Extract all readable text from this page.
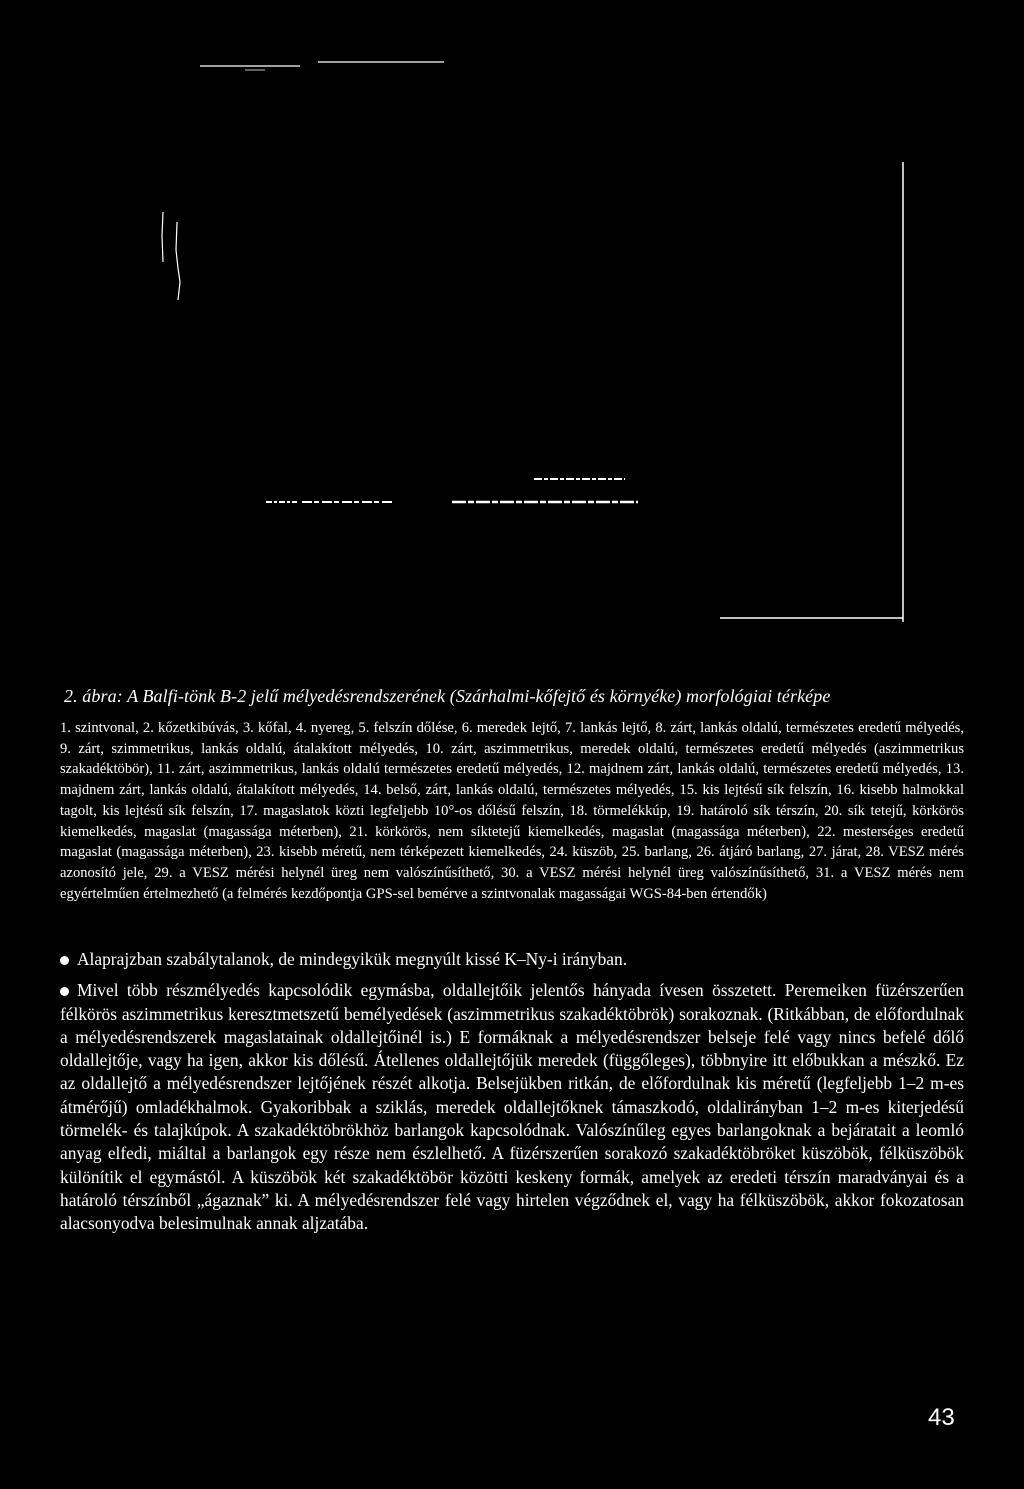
2. ábra: A Balfi-tönk B-2 jelű mélyedésrendszerének (Szárhalmi-kőfejtő és környéke) morfológiai térképe
1. szintvonal, 2. kőzetkibúvás, 3. kőfal, 4. nyereg, 5. felszín dőlése, 6. meredek lejtő, 7. lankás lejtő, 8. zárt, lankás oldalú, természetes eredetű mélyedés, 9. zárt, szimmetrikus, lankás oldalú, átalakított mélyedés, 10. zárt, aszimmetrikus, meredek oldalú, természetes eredetű mélyedés (aszimmetrikus szakadéktöbör), 11. zárt, aszimmetrikus, lankás oldalú természetes eredetű mélyedés, 12. majdnem zárt, lankás oldalú, természetes eredetű mélyedés, 13. majdnem zárt, lankás oldalú, átalakított mélyedés, 14. belső, zárt, lankás oldalú, természetes mélyedés, 15. kis lejtésű sík felszín, 16. kisebb halmokkal tagolt, kis lejtésű sík felszín, 17. magaslatok közti legfeljebb 10°-os dőlésű felszín, 18. törmelékkúp, 19. határoló sík térszín, 20. sík tetejű, körkörös kiemelkedés, magaslat (magassága méterben), 21. körkörös, nem síktetejű kiemelkedés, magaslat (magassága méterben), 22. mesterséges eredetű magaslat (magassága méterben), 23. kisebb méretű, nem térképezett kiemelkedés, 24. küszöb, 25. barlang, 26. átjáró barlang, 27. járat, 28. VESZ mérés azonosító jele, 29. a VESZ mérési helynél üreg nem valószínűsíthető, 30. a VESZ mérési helynél üreg valószínűsíthető, 31. a VESZ mérés nem egyértelműen értelmezhető (a felmérés kezdőpontja GPS-sel bemérve a szintvonalak magasságai WGS-84-ben értendők)
Alaprajzban szabálytalanok, de mindegyikük megnyúlt kissé K–Ny-i irányban.
Mivel több részmélyedés kapcsolódik egymásba, oldallejtőik jelentős hányada ívesen összetett. Peremeiken füzérszerűen félkörös aszimmetrikus keresztmetszetű bemélyedések (aszimmetrikus szakadéktöbrök) sorakoznak. (Ritkábban, de előfordulnak a mélyedésrendszerek magaslatainak oldallejtőinél is.) E formáknak a mélyedésrendszer belseje felé vagy nincs befelé dőlő oldallejtője, vagy ha igen, akkor kis dőlésű. Átellenes oldallejtőjük meredek (függőleges), többnyire itt előbukkan a mészkő. Ez az oldallejtő a mélyedésrendszer lejtőjének részét alkotja. Belsejükben ritkán, de előfordulnak kis méretű (legfeljebb 1–2 m-es átmérőjű) omladékhalmok. Gyakoribbak a sziklás, meredek oldallejtőknek támaszkodó, oldalirányban 1–2 m-es kiterjedésű törmelék- és talajkúpok. A szakadéktöbrökhöz barlangok kapcsolódnak. Valószínűleg egyes barlangoknak a bejáratait a leomló anyag elfedi, miáltal a barlangok egy része nem észlelhető. A füzérszerűen sorakozó szakadéktöbröket küszöbök, félküszöbök különítik el egymástól. A küszöbök két szakadéktöbör közötti keskeny formák, amelyek az eredeti térszín maradványai és a határoló térszínből „ágaznak” ki. A mélyedésrendszer felé vagy hirtelen végződnek el, vagy ha félküszöbök, akkor fokozatosan alacsonyodva belesimulnak annak aljzatába.
43
